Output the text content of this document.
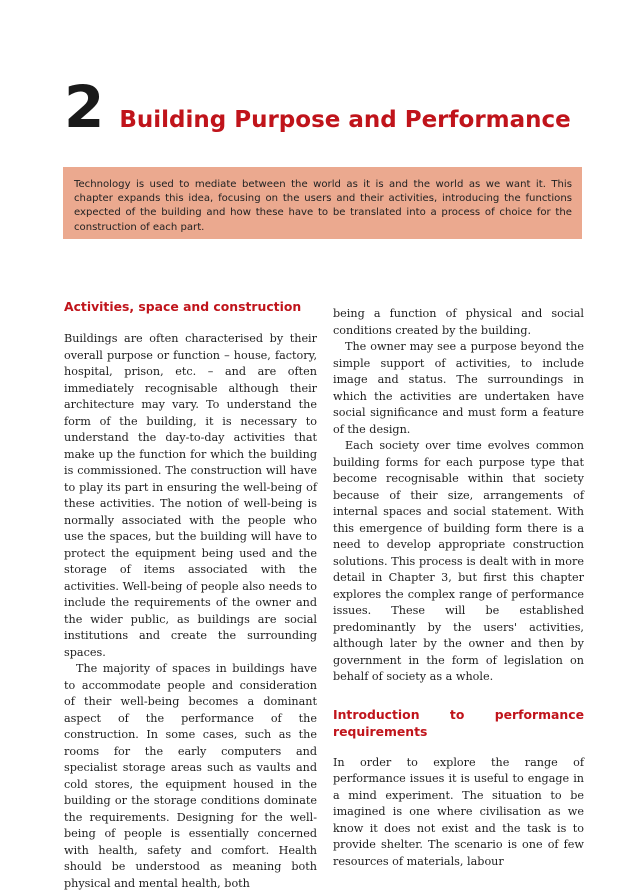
2 Building Purpose and Performance
Technology is used to mediate between the world as it is and the world as we want it. This chapter expands this idea, focusing on the users and their activities, introducing the functions expected of the building and how these have to be translated into a process of choice for the construction of each part.
Activities, space and construction

Buildings are often characterised by their overall purpose or function – house, factory, hospital, prison, etc. – and are often immediately recognisable although their architecture may vary. To understand the form of the building, it is necessary to understand the day-to-day activities that make up the function for which the building is commissioned. The construction will have to play its part in ensuring the well-being of these activities. The notion of well-being is normally associated with the people who use the spaces, but the building will have to protect the equipment being used and the storage of items associated with the activities. Well-being of people also needs to include the requirements of the owner and the wider public, as buildings are social institutions and create the surrounding spaces.

The majority of spaces in buildings have to accommodate people and consideration of their well-being becomes a dominant aspect of the performance of the construction. In some cases, such as the rooms for the early computers and specialist storage areas such as vaults and cold stores, the equipment housed in the building or the storage conditions dominate the requirements. Designing for the well-being of people is essentially concerned with health, safety and comfort. Health should be understood as meaning both physical and mental health, both

being a function of physical and social conditions created by the building.

The owner may see a purpose beyond the simple support of activities, to include image and status. The surroundings in which the activities are undertaken have social significance and must form a feature of the design.

Each society over time evolves common building forms for each purpose type that become recognisable within that society because of their size, arrangements of internal spaces and social statement. With this emergence of building form there is a need to develop appropriate construction solutions. This process is dealt with in more detail in Chapter 3, but first this chapter explores the complex range of performance issues. These will be established predominantly by the users' activities, although later by the owner and then by government in the form of legislation on behalf of society as a whole.

Introduction to performance requirements

In order to explore the range of performance issues it is useful to engage in a mind experiment. The situation to be imagined is one where civilisation as we know it does not exist and the task is to provide shelter. The scenario is one of few resources of materials, labour
